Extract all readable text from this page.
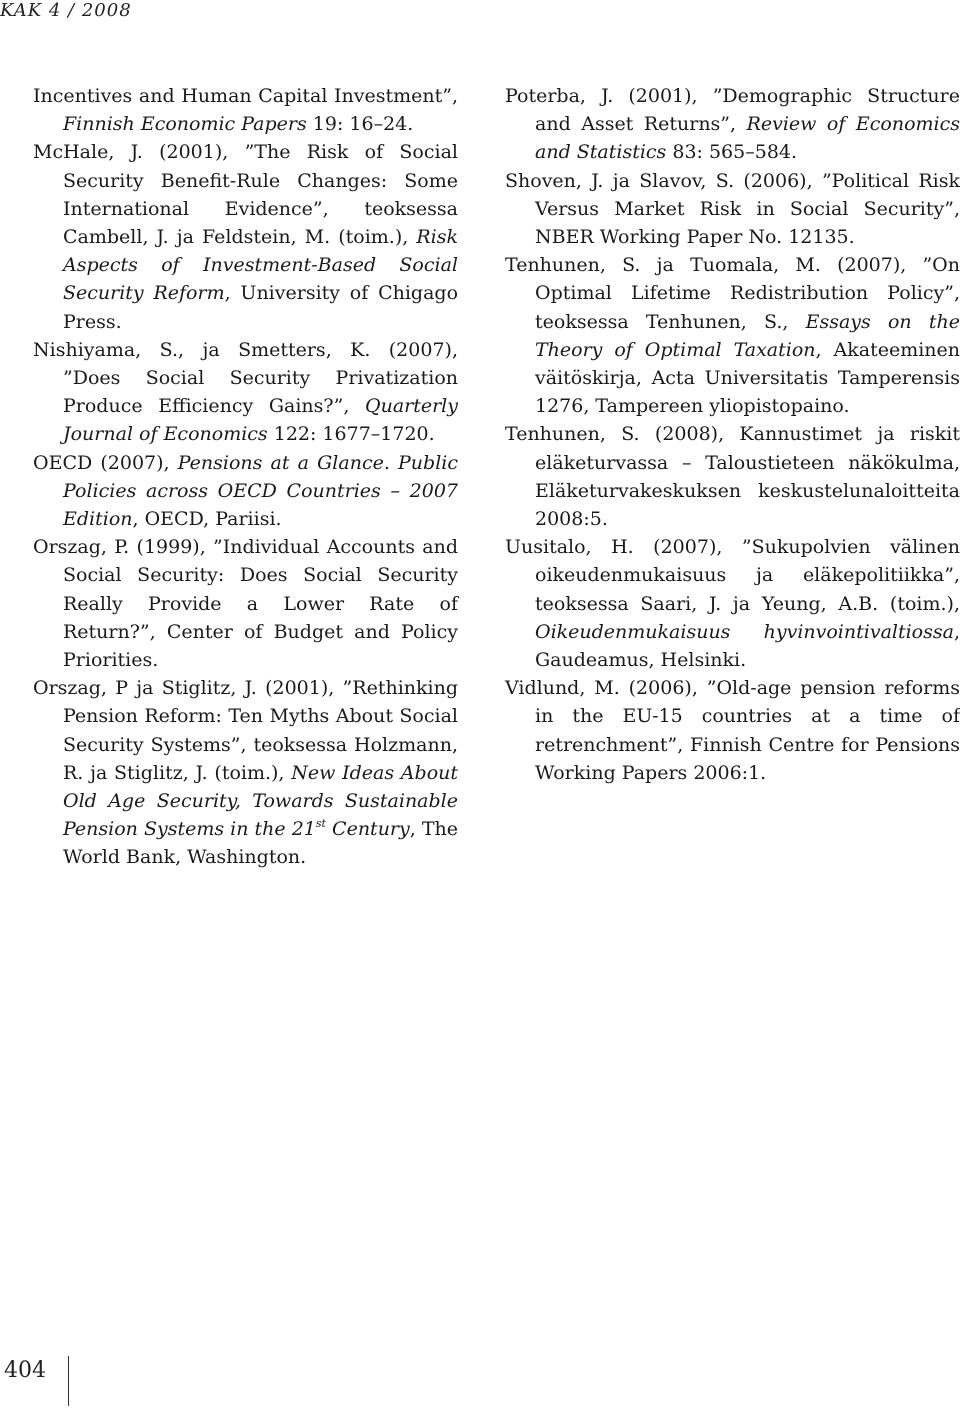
KAK 4 / 2008

Incentives and Human Capital Investment”, Finnish Economic Papers 19: 16–24.

McHale, J. (2001), ”The Risk of Social Security Benefit-Rule Changes: Some International Evidence”, teoksessa Cambell, J. ja Feldstein, M. (toim.), Risk Aspects of Investment-Based Social Security Reform, University of Chigago Press.

Nishiyama, S., ja Smetters, K. (2007), ”Does Social Security Privatization Produce Efficiency Gains?”, Quarterly Journal of Economics 122: 1677–1720.

OECD (2007), Pensions at a Glance. Public Policies across OECD Countries – 2007 Edition, OECD, Pariisi.

Orszag, P. (1999), ”Individual Accounts and Social Security: Does Social Security Really Provide a Lower Rate of Return?”, Center of Budget and Policy Priorities.

Orszag, P ja Stiglitz, J. (2001), ”Rethinking Pension Reform: Ten Myths About Social Security Systems”, teoksessa Holzmann, R. ja Stiglitz, J. (toim.), New Ideas About Old Age Security, Towards Sustainable Pension Systems in the 21st Century, The World Bank, Washington.

Poterba, J. (2001), ”Demographic Structure and Asset Returns”, Review of Economics and Statistics 83: 565–584.

Shoven, J. ja Slavov, S. (2006), ”Political Risk Versus Market Risk in Social Security”, NBER Working Paper No. 12135.

Tenhunen, S. ja Tuomala, M. (2007), ”On Optimal Lifetime Redistribution Policy”, teoksessa Tenhunen, S., Essays on the Theory of Optimal Taxation, Akateeminen väitöskirja, Acta Universitatis Tamperensis 1276, Tampereen yliopistopaino.

Tenhunen, S. (2008), Kannustimet ja riskit eläketurvassa – Taloustieteen näkökulma, Eläketurvakeskuksen keskustelunaloitteita 2008:5.

Uusitalo, H. (2007), ”Sukupolvien välinen oikeudenmukaisuus ja eläkepolitiikka”, teoksessa Saari, J. ja Yeung, A.B. (toim.), Oikeudenmukaisuus hyvinvointivaltiossa, Gaudeamus, Helsinki.

Vidlund, M. (2006), ”Old-age pension reforms in the EU-15 countries at a time of retrenchment”, Finnish Centre for Pensions Working Papers 2006:1.

404
